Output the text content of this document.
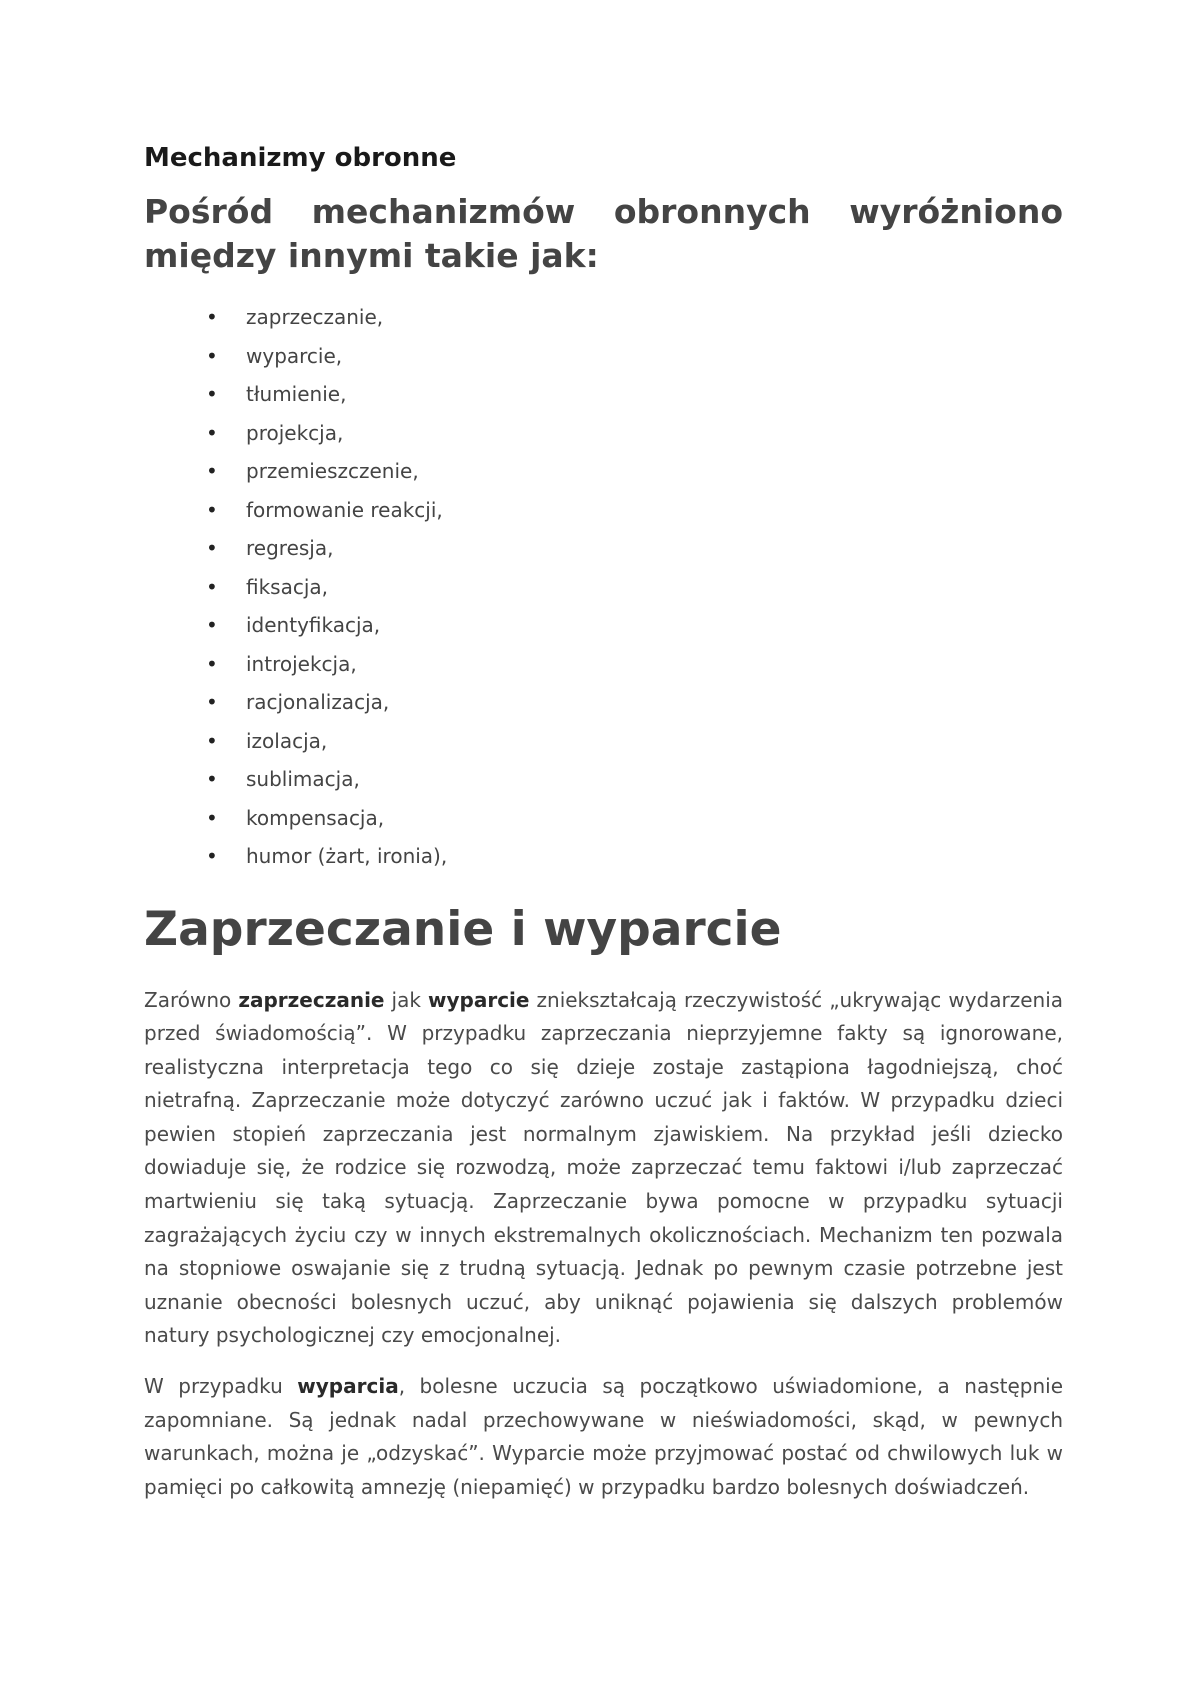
Mechanizmy obronne
Pośród mechanizmów obronnych wyróżniono między innymi takie jak:
• zaprzeczanie,
• wyparcie,
• tłumienie,
• projekcja,
• przemieszczenie,
• formowanie reakcji,
• regresja,
• fiksacja,
• identyfikacja,
• introjekcja,
• racjonalizacja,
• izolacja,
• sublimacja,
• kompensacja,
• humor (żart, ironia),
Zaprzeczanie i wyparcie

Zarówno zaprzeczanie jak wyparcie zniekształcają rzeczywistość „ukrywając wydarzenia przed świadomością”. W przypadku zaprzeczania nieprzyjemne fakty są ignorowane, realistyczna interpretacja tego co się dzieje zostaje zastąpiona łagodniejszą, choć nietrafną. Zaprzeczanie może dotyczyć zarówno uczuć jak i faktów. W przypadku dzieci pewien stopień zaprzeczania jest normalnym zjawiskiem. Na przykład jeśli dziecko dowiaduje się, że rodzice się rozwodzą, może zaprzeczać temu faktowi i/lub zaprzeczać martwieniu się taką sytuacją. Zaprzeczanie bywa pomocne w przypadku sytuacji zagrażających życiu czy w innych ekstremalnych okolicznościach. Mechanizm ten pozwala na stopniowe oswajanie się z trudną sytuacją. Jednak po pewnym czasie potrzebne jest uznanie obecności bolesnych uczuć, aby uniknąć pojawienia się dalszych problemów natury psychologicznej czy emocjonalnej.

W przypadku wyparcia, bolesne uczucia są początkowo uświadomione, a następnie zapomniane. Są jednak nadal przechowywane w nieświadomości, skąd, w pewnych warunkach, można je „odzyskać”. Wyparcie może przyjmować postać od chwilowych luk w pamięci po całkowitą amnezję (niepamięć) w przypadku bardzo bolesnych doświadczeń.
